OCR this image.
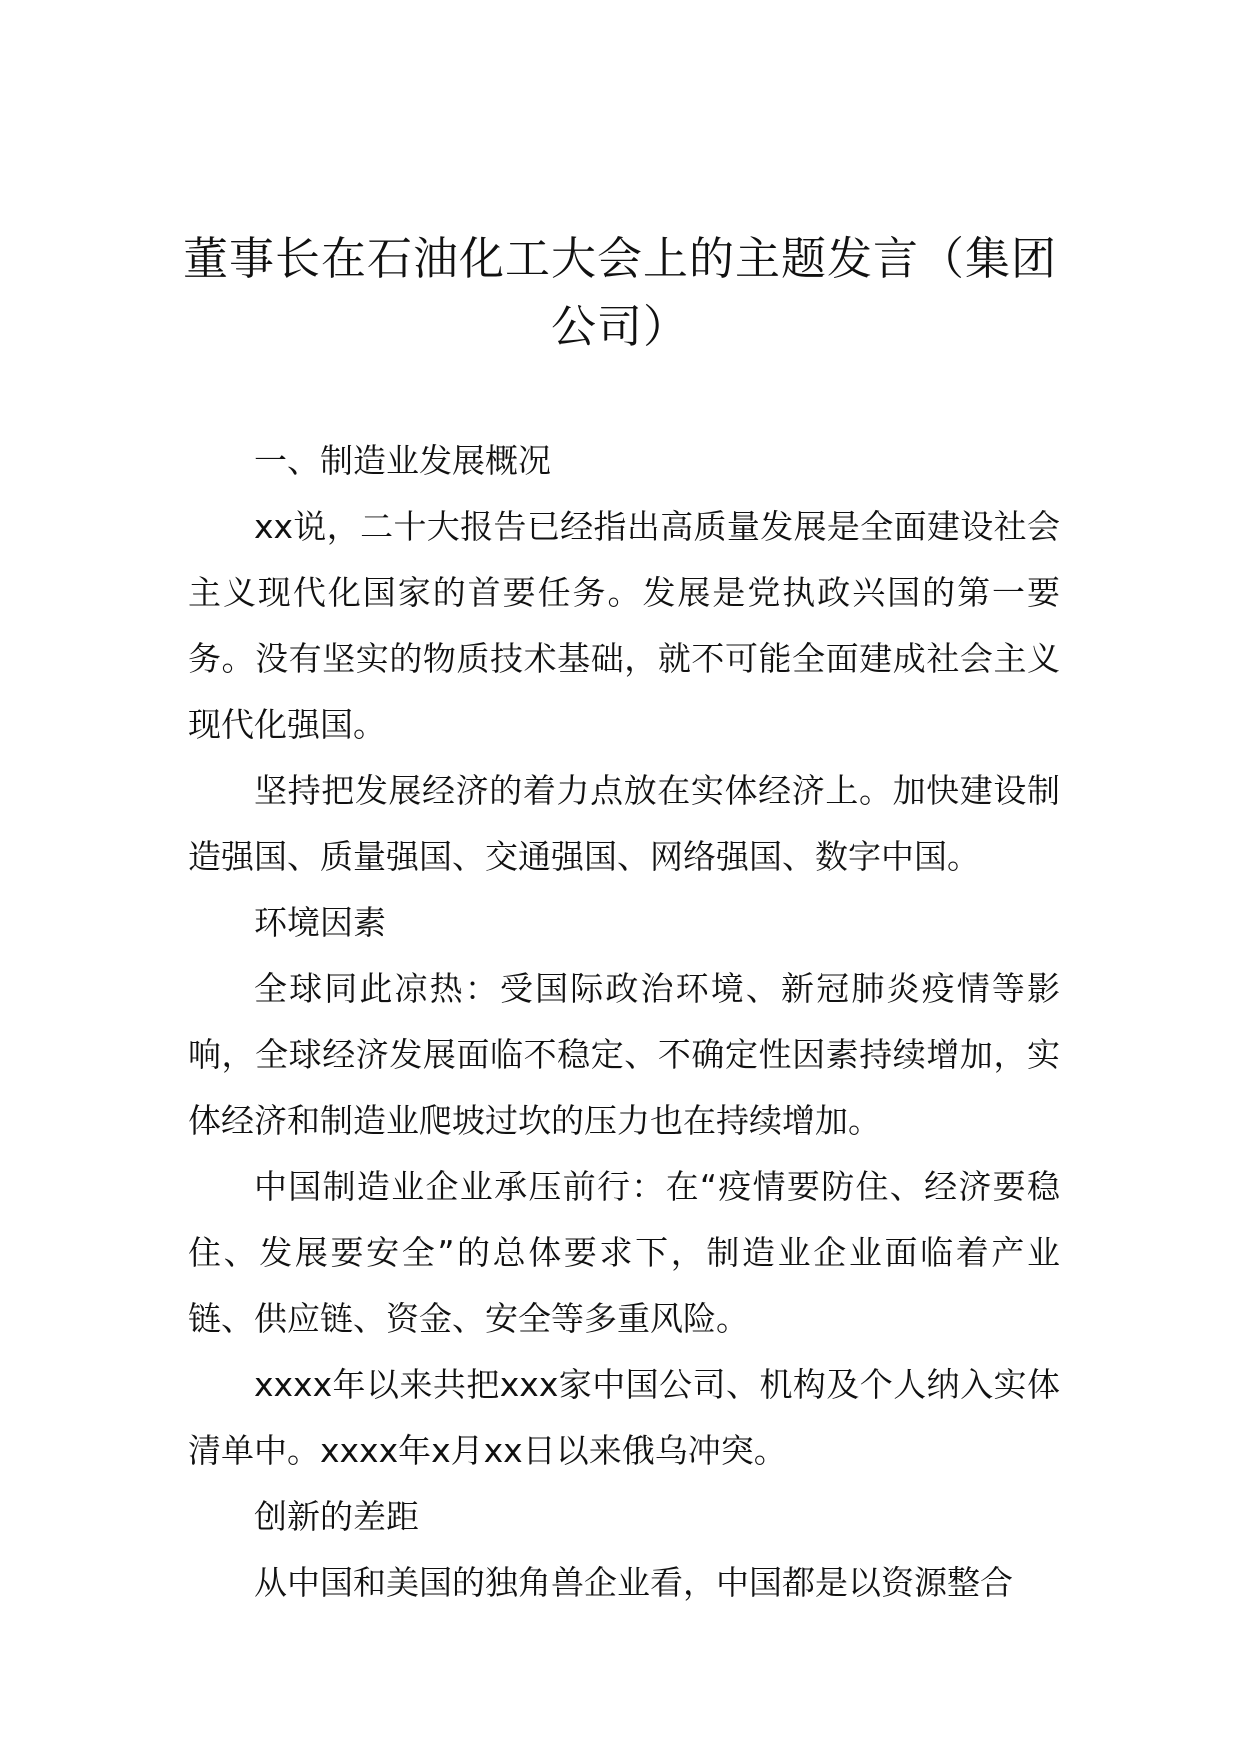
董事长在石油化工大会上的主题发言（集团公司）

一、制造业发展概况

xx说，二十大报告已经指出高质量发展是全面建设社会主义现代化国家的首要任务。发展是党执政兴国的第一要务。没有坚实的物质技术基础，就不可能全面建成社会主义现代化强国。

坚持把发展经济的着力点放在实体经济上。加快建设制造强国、质量强国、交通强国、网络强国、数字中国。

环境因素

全球同此凉热：受国际政治环境、新冠肺炎疫情等影响，全球经济发展面临不稳定、不确定性因素持续增加，实体经济和制造业爬坡过坎的压力也在持续增加。

中国制造业企业承压前行：在“疫情要防住、经济要稳住、发展要安全”的总体要求下，制造业企业面临着产业链、供应链、资金、安全等多重风险。

xxxx年以来共把xxx家中国公司、机构及个人纳入实体清单中。xxxx年x月xx日以来俄乌冲突。

创新的差距

从中国和美国的独角兽企业看，中国都是以资源整合
